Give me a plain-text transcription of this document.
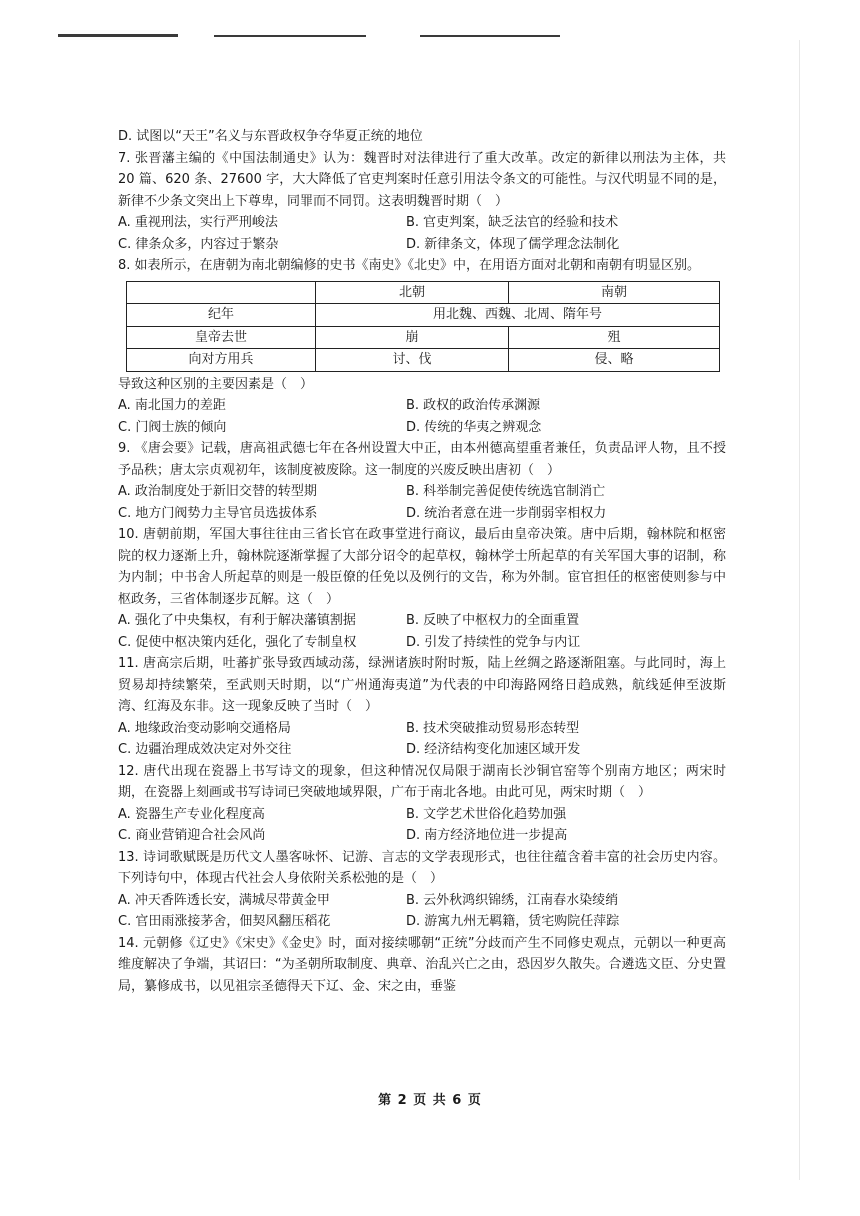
D. 试图以“天王”名义与东晋政权争夺华夏正统的地位

7. 张晋藩主编的《中国法制通史》认为：魏晋时对法律进行了重大改革。改定的新律以刑法为主体，共 20 篇、620 条、27600 字，大大降低了官吏判案时任意引用法令条文的可能性。与汉代明显不同的是，新律不少条文突出上下尊卑，同罪而不同罚。这表明魏晋时期（　）

A. 重视刑法，实行严刑峻法	B. 官吏判案，缺乏法官的经验和技术
C. 律条众多，内容过于繁杂	D. 新律条文，体现了儒学理念法制化

8. 如表所示，在唐朝为南北朝编修的史书《南史》《北史》中，在用语方面对北朝和南朝有明显区别。

	北朝	南朝
纪年	用北魏、西魏、北周、隋年号	
皇帝去世	崩	殂
向对方用兵	讨、伐	侵、略

导致这种区别的主要因素是（　）

A. 南北国力的差距	B. 政权的政治传承渊源
C. 门阀士族的倾向	D. 传统的华夷之辨观念

9. 《唐会要》记载，唐高祖武德七年在各州设置大中正，由本州德高望重者兼任，负责品评人物，且不授予品秩；唐太宗贞观初年，该制度被废除。这一制度的兴废反映出唐初（　）

A. 政治制度处于新旧交替的转型期	B. 科举制完善促使传统选官制消亡
C. 地方门阀势力主导官员选拔体系	D. 统治者意在进一步削弱宰相权力

10. 唐朝前期，军国大事往往由三省长官在政事堂进行商议，最后由皇帝决策。唐中后期，翰林院和枢密院的权力逐渐上升，翰林院逐渐掌握了大部分诏令的起草权，翰林学士所起草的有关军国大事的诏制，称为内制；中书舍人所起草的则是一般臣僚的任免以及例行的文告，称为外制。宦官担任的枢密使则参与中枢政务，三省体制逐步瓦解。这（　）

A. 强化了中央集权，有利于解决藩镇割据	B. 反映了中枢权力的全面重置
C. 促使中枢决策内廷化，强化了专制皇权	D. 引发了持续性的党争与内讧

11. 唐高宗后期，吐蕃扩张导致西域动荡，绿洲诸族时附时叛，陆上丝绸之路逐渐阻塞。与此同时，海上贸易却持续繁荣，至武则天时期，以“广州通海夷道”为代表的中印海路网络日趋成熟，航线延伸至波斯湾、红海及东非。这一现象反映了当时（　）

A. 地缘政治变动影响交通格局	B. 技术突破推动贸易形态转型
C. 边疆治理成效决定对外交往	D. 经济结构变化加速区域开发

12. 唐代出现在瓷器上书写诗文的现象，但这种情况仅局限于湖南长沙铜官窑等个别南方地区；两宋时期，在瓷器上刻画或书写诗词已突破地域界限，广布于南北各地。由此可见，两宋时期（　）

A. 瓷器生产专业化程度高	B. 文学艺术世俗化趋势加强
C. 商业营销迎合社会风尚	D. 南方经济地位进一步提高

13. 诗词歌赋既是历代文人墨客咏怀、记游、言志的文学表现形式，也往往蕴含着丰富的社会历史内容。下列诗句中，体现古代社会人身依附关系松弛的是（　）

A. 冲天香阵透长安，满城尽带黄金甲	B. 云外秋鸿织锦绣，江南春水染绫绡
C. 官田雨涨接茅舍，佃契风翻压稻花	D. 游寓九州无羁籍，赁宅购院任萍踪

14. 元朝修《辽史》《宋史》《金史》时，面对接续哪朝“正统”分歧而产生不同修史观点，元朝以一种更高维度解决了争端，其诏曰：“为圣朝所取制度、典章、治乱兴亡之由，恐因岁久散失。合遴选文臣、分史置局，纂修成书，以见祖宗圣德得天下辽、金、宋之由，垂鉴

第 2 页 共 6 页
